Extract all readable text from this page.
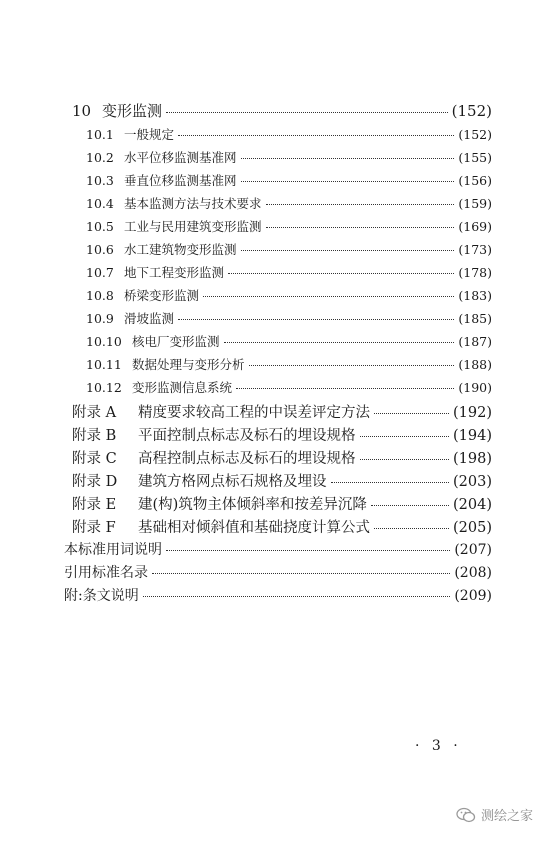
10 变形监测	(152)
10.1 一般规定	(152)
10.2 水平位移监测基准网	(155)
10.3 垂直位移监测基准网	(156)
10.4 基本监测方法与技术要求	(159)
10.5 工业与民用建筑变形监测	(169)
10.6 水工建筑物变形监测	(173)
10.7 地下工程变形监测	(178)
10.8 桥梁变形监测	(183)
10.9 滑坡监测	(185)
10.10 核电厂变形监测	(187)
10.11 数据处理与变形分析	(188)
10.12 变形监测信息系统	(190)
附录 A	精度要求较高工程的中误差评定方法	(192)
附录 B	平面控制点标志及标石的埋设规格	(194)
附录 C	高程控制点标志及标石的埋设规格	(198)
附录 D	建筑方格网点标石规格及埋设	(203)
附录 E	建(构)筑物主体倾斜率和按差异沉降	(204)
附录 F	基础相对倾斜值和基础挠度计算公式	(205)
本标准用词说明	(207)
引用标准名录	(208)
附:条文说明	(209)
· 3 ·
测绘之家
